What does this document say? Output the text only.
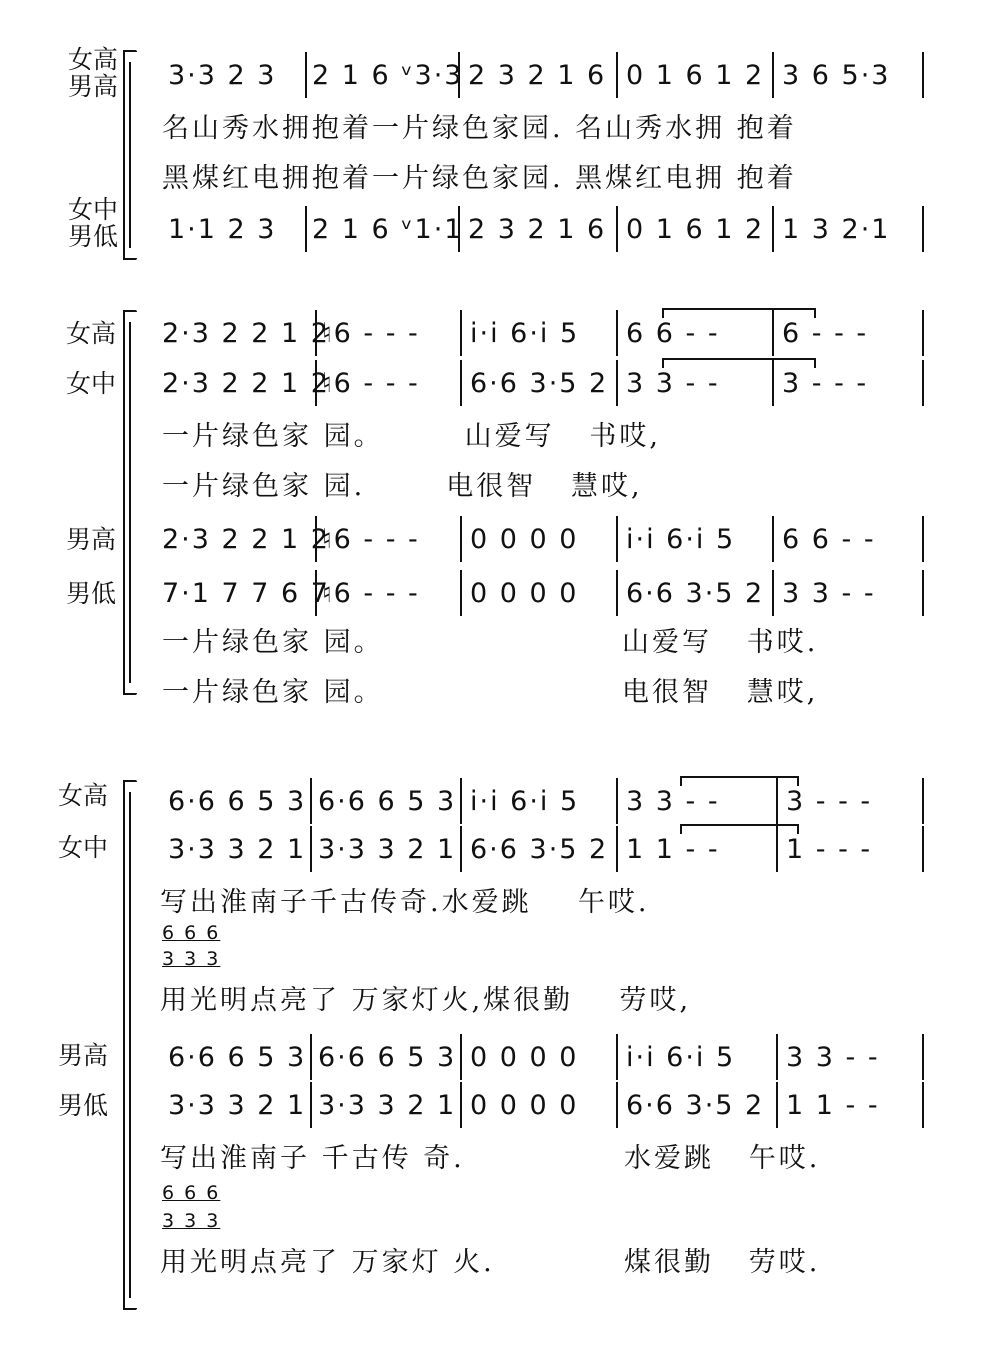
女高
男高
女中
男低
3·3 2 3 2 1 6 ᵛ3·3 2 3 2 1 6 0 1 6 1 2 3 6 5·3
名山秀水拥抱着一片绿色家园. 名山秀水拥 抱着
黑煤红电拥抱着一片绿色家园. 黑煤红电拥 抱着
1·1 2 3 2 1 6 ᵛ1·1 2 3 2 1 6 0 1 6 1 2 1 3 2·1
女高
女中
男高
男低
2·3 2 2 1 2
♮6 - - - i·i 6·i 5 6 6 - - 6 - - -
2·3 2 2 1 2
♮6 - - - 6·6 3·5 2 3 3 - - 3 - - -
一片绿色家 园。       山爱写   书哎,
一片绿色家 园.       电很智   慧哎,
2·3 2 2 1 2
♮6 - - - 0 0 0 0 i·i 6·i 5 6 6 - -
7·1 7 7 6 7
♮6 - - - 0 0 0 0 6·6 3·5 2 3 3 - -
一片绿色家 园。	山爱写   书哎.
一片绿色家 园。	电很智   慧哎,
女高
女中
男高
男低
6·6 6 5 3 6·6 6 5 3 i·i 6·i 5 3 3 - - 3 - - -
3·3 3 2 1 3·3 3 2 1 6·6 3·5 2 1 1 - - 1 - - -
写出淮南子千古传奇.水爱跳    午哎.
6 6 6
3 3 3
用光明点亮了 万家灯火,煤很勤    劳哎,
6·6 6 5 3 6·6 6 5 3 0 0 0 0 i·i 6·i 5 3 3 - -
3·3 3 2 1 3·3 3 2 1 0 0 0 0 6·6 3·5 2 1 1 - -
写出淮南子 千古传 奇.	水爱跳   午哎.
6 6 6
3 3 3
用光明点亮了 万家灯 火.	煤很勤   劳哎.
